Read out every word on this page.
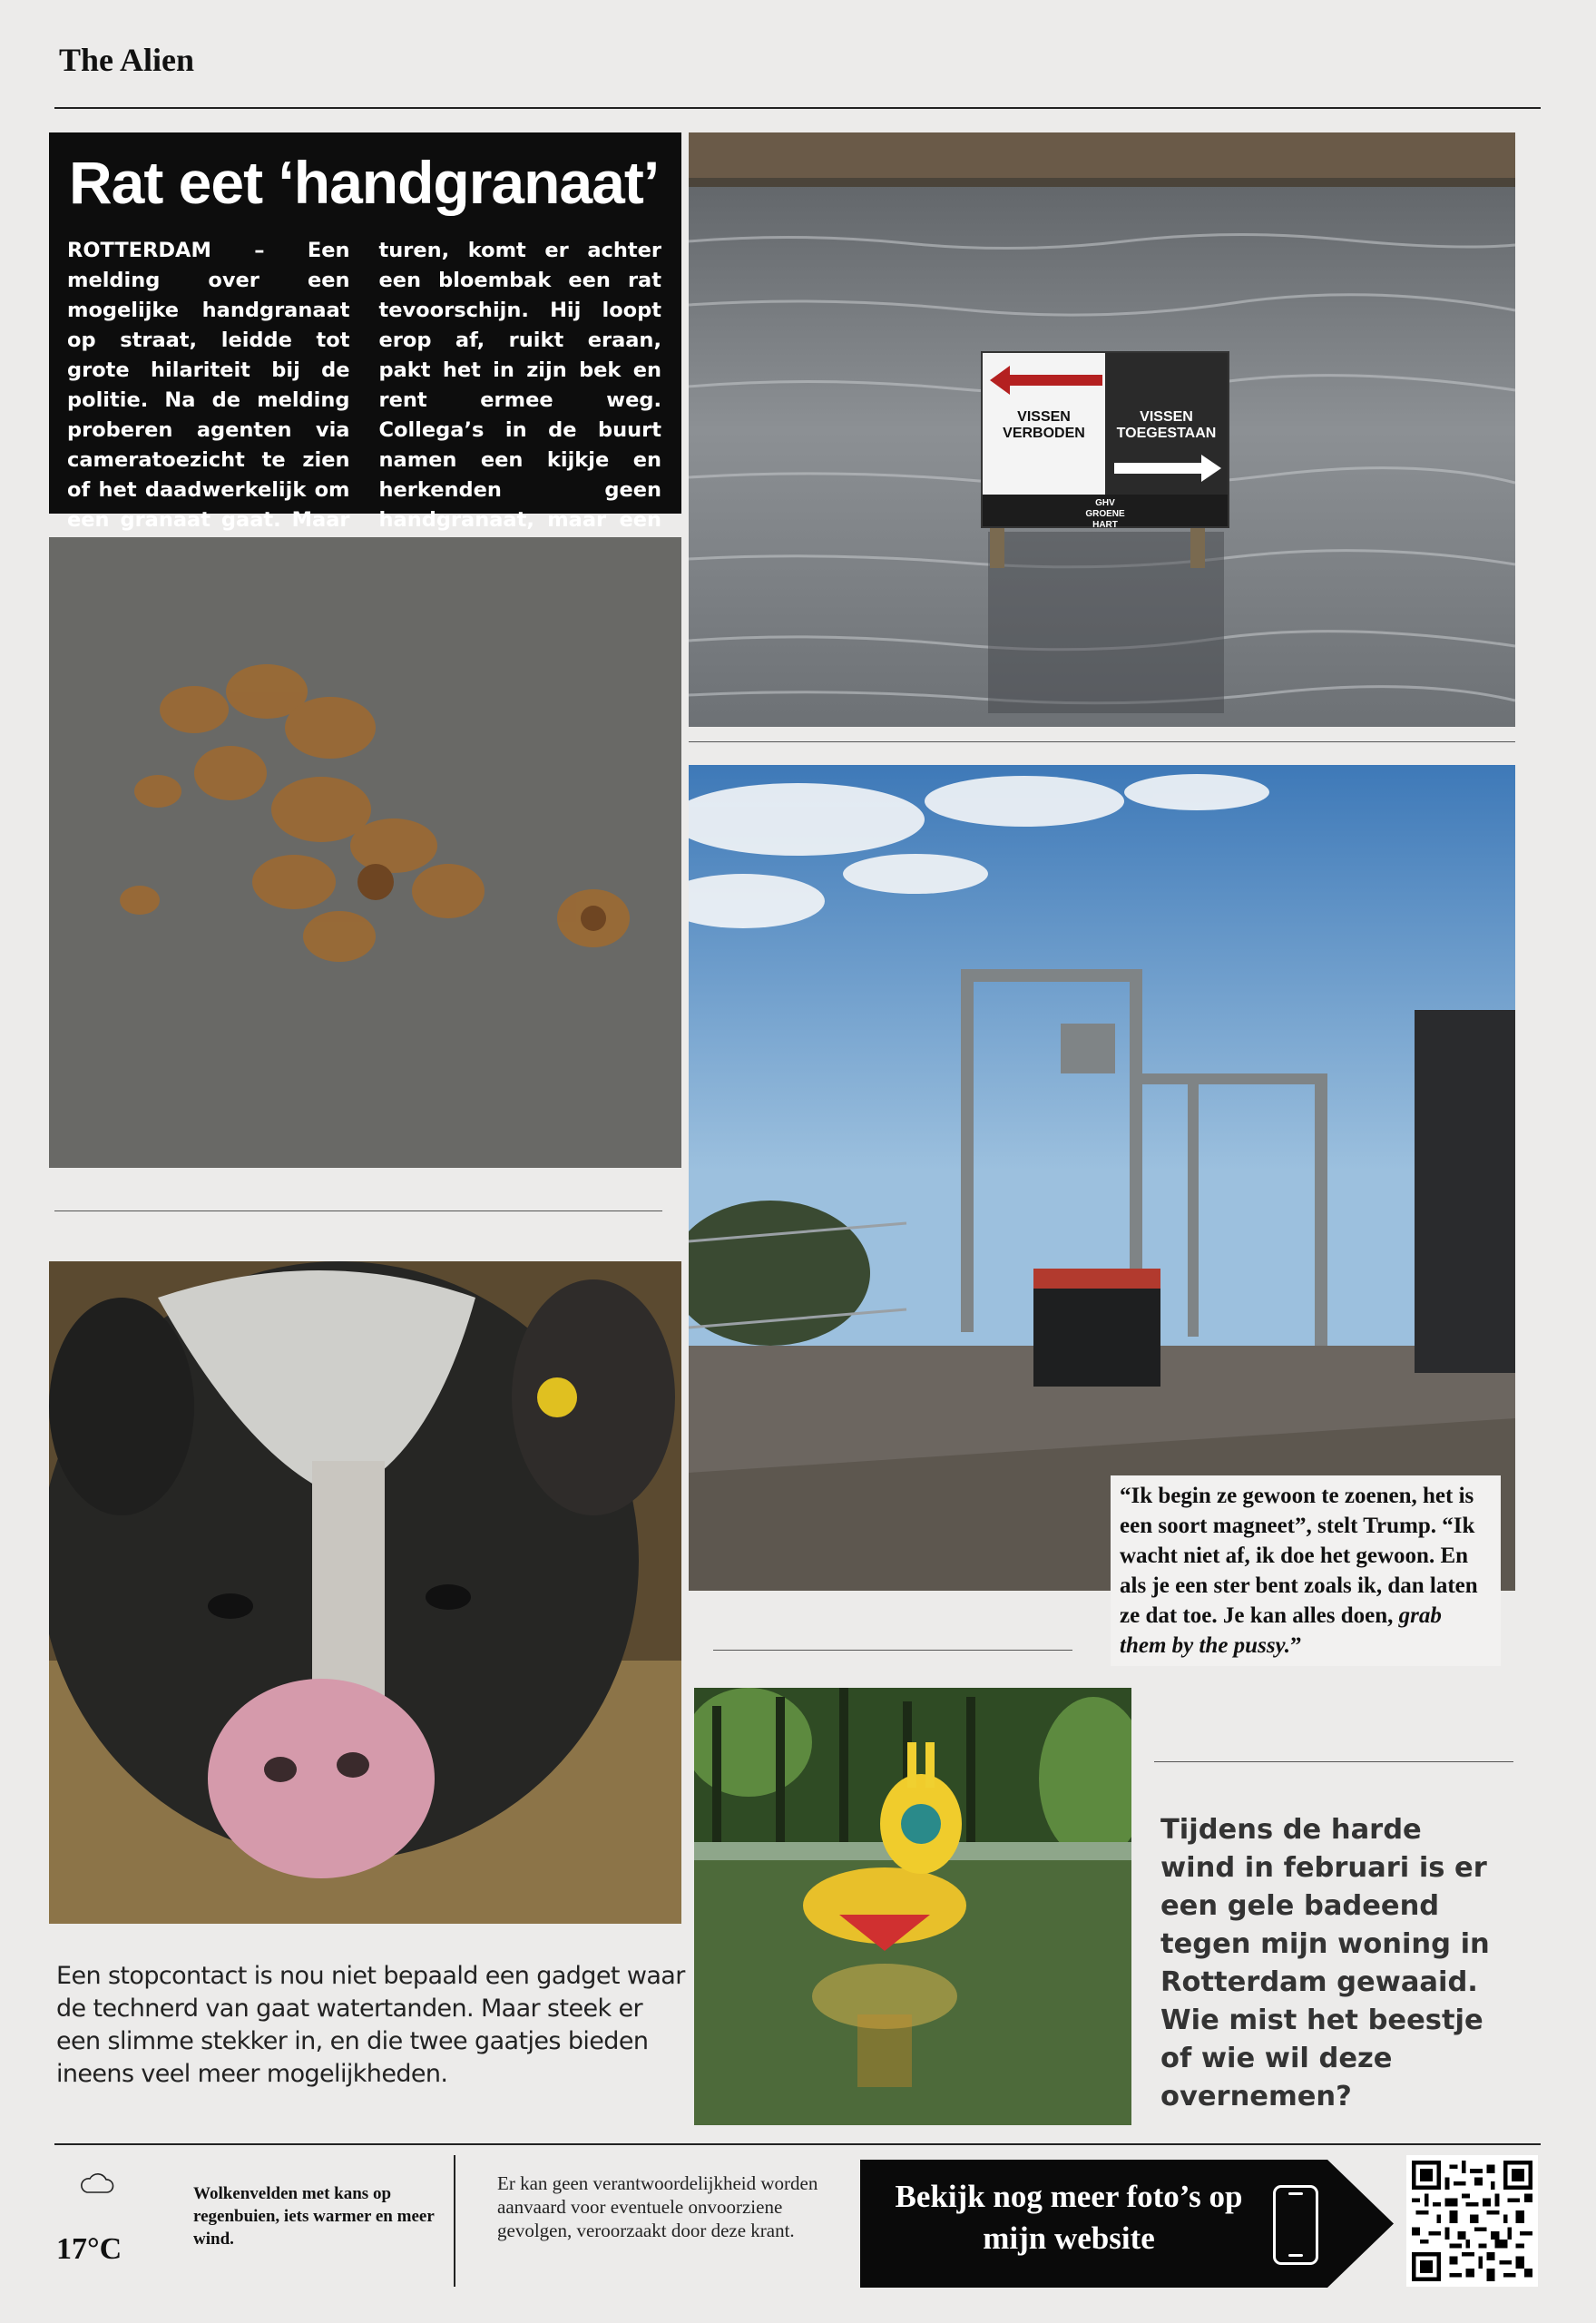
The Alien
Rat eet ‘handgranaat’
ROTTERDAM – Een melding over een mogelijke handgranaat op straat, leidde tot grote hilariteit bij de politie. Na de melding proberen agenten via cameratoezicht te zien of het daadwerkelijk om een granaat gaat. Maar turen, komt er achter een bloembak een rat tevoorschijn. Hij loopt erop af, ruikt eraan, pakt het in zijn bek en rent ermee weg. Collega’s in de buurt namen een kijkje en herkenden geen handgranaat, maar een
VISSEN
VERBODEN
VISSEN
TOEGESTAAN
GHV
GROENE
HART
“Ik begin ze gewoon te zoenen, het is een soort magneet”, stelt Trump. “Ik wacht niet af, ik doe het gewoon. En als je een ster bent zoals ik, dan laten ze dat toe. Je kan alles doen, grab them by the pussy.”
Een stopcontact is nou niet bepaald een gadget waar de technerd van gaat watertanden. Maar steek er een slimme stekker in, en die twee gaatjes bieden ineens veel meer mogelijkheden.
Tijdens de harde wind in februari is er een gele badeend tegen mijn woning in Rotterdam gewaaid. Wie mist het beestje of wie wil deze overnemen?
17°C
Wolkenvelden met kans op regenbuien, iets warmer en meer wind.
Er kan geen verantwoordelijkheid worden aanvaard voor eventuele onvoorziene gevolgen, veroorzaakt door deze krant.
Bekijk nog meer foto’s op mijn website
